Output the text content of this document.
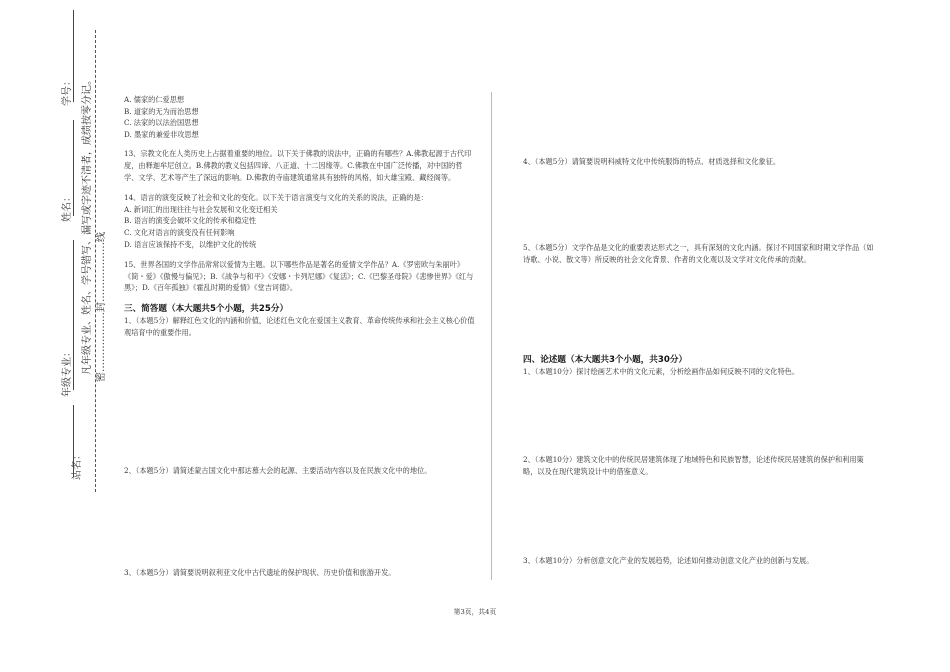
学号：
姓名：
年级专业：
站名：
凡年级专业、姓名、学号错写、漏写或字迹不清者，成绩按零分记。 密………………封………………线

A. 儒家的仁爱思想

B. 道家的无为而治思想

C. 法家的以法治国思想

D. 墨家的兼爱非攻思想

13、宗教文化在人类历史上占据着重要的地位。以下关于佛教的说法中，正确的有哪些？A.佛教起源于古代印度，由释迦牟尼创立。B.佛教的教义包括四谛、八正道、十二因缘等。C.佛教在中国广泛传播，对中国的哲学、文学、艺术等产生了深远的影响。D.佛教的寺庙建筑通常具有独特的风格，如大雄宝殿、藏经阁等。

14、语言的演变反映了社会和文化的变化。以下关于语言演变与文化的关系的说法，正确的是：

A. 新词汇的出现往往与社会发展和文化变迁相关

B. 语言的演变会破坏文化的传承和稳定性

C. 文化对语言的演变没有任何影响

D. 语言应该保持不变，以维护文化的传统

15、世界各国的文学作品常常以爱情为主题。以下哪些作品是著名的爱情文学作品？A.《罗密欧与朱丽叶》《简・爱》《傲慢与偏见》；B.《战争与和平》《安娜・卡列尼娜》《复活》；C.《巴黎圣母院》《悲惨世界》《红与黑》；D.《百年孤独》《霍乱时期的爱情》《堂吉诃德》。

三、简答题（本大题共5个小题，共25分）

1、（本题5分）解释红色文化的内涵和价值，论述红色文化在爱国主义教育、革命传统传承和社会主义核心价值观培育中的重要作用。

2、（本题5分）请简述蒙古国文化中那达慕大会的起源、主要活动内容以及在民族文化中的地位。
3、（本题5分）请简要说明叙利亚文化中古代遗址的保护现状、历史价值和旅游开发。
4、（本题5分）请简要说明科威特文化中传统服饰的特点、材质选择和文化象征。
5、（本题5分）文学作品是文化的重要表达形式之一，具有深刻的文化内涵。探讨不同国家和时期文学作品（如诗歌、小说、散文等）所反映的社会文化背景、作者的文化观以及文学对文化传承的贡献。

四、论述题（本大题共3个小题，共30分）

1、（本题10分）探讨绘画艺术中的文化元素，分析绘画作品如何反映不同的文化特色。

2、（本题10分）建筑文化中的传统民居建筑体现了地域特色和民族智慧，论述传统民居建筑的保护和利用策略，以及在现代建筑设计中的借鉴意义。
3、（本题10分）分析创意文化产业的发展趋势，论述如何推动创意文化产业的创新与发展。
第3页，共4页
